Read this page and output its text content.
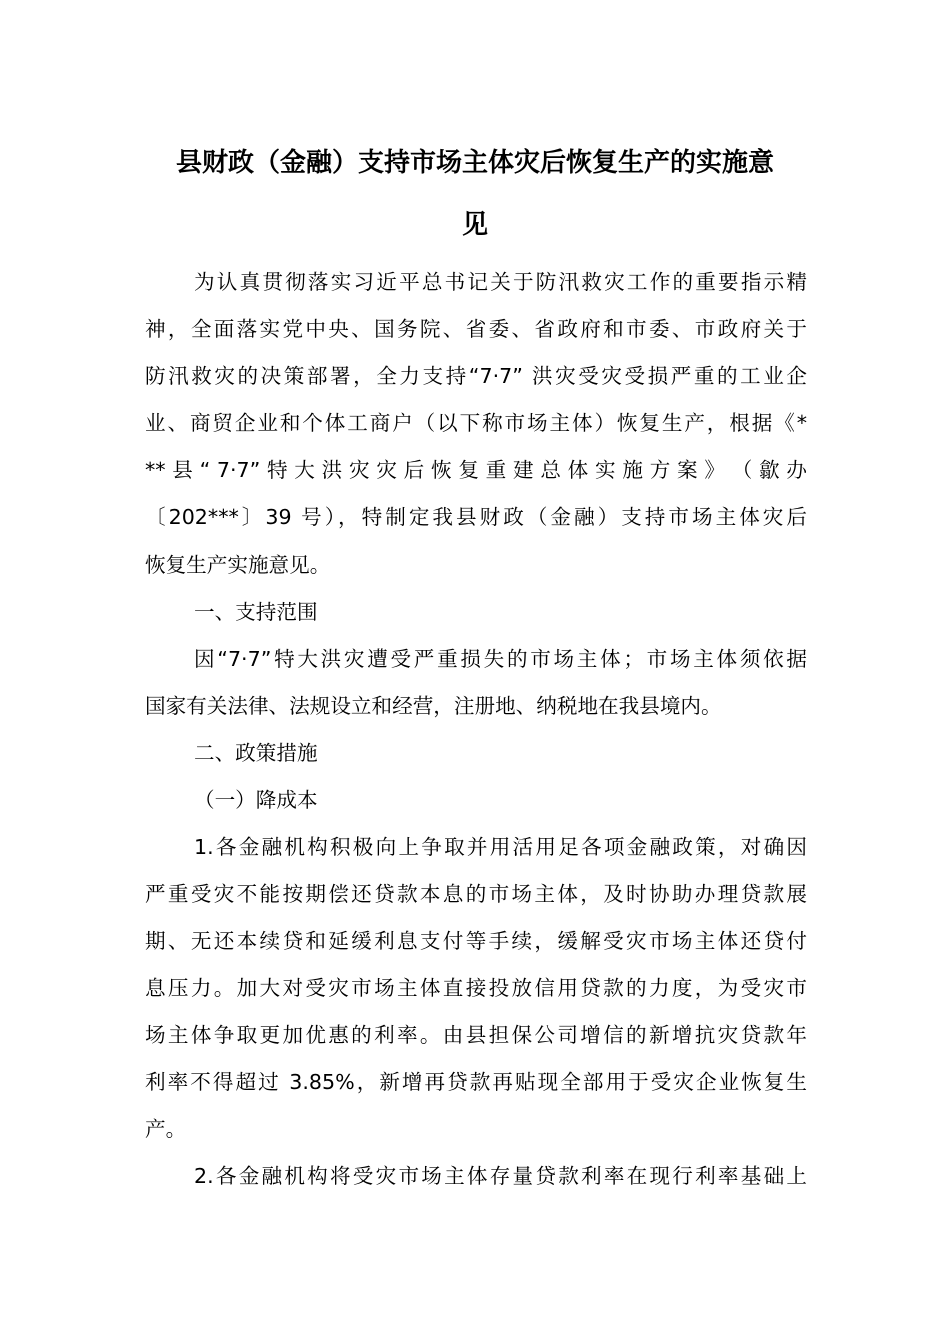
县财政（金融）支持市场主体灾后恢复生产的实施意
见
为认真贯彻落实习近平总书记关于防汛救灾工作的重要指示精
神，全面落实党中央、国务院、省委、省政府和市委、市政府关于
防汛救灾的决策部署，全力支持“7·7” 洪灾受灾受损严重的工业企
业、商贸企业和个体工商户（以下称市场主体）恢复生产，根据《*
** 县 “ 7·7” 特 大 洪 灾 灾 后 恢 复 重 建 总 体 实 施 方 案 》 （ 歙 办
〔202***〕39 号），特制定我县财政（金融）支持市场主体灾后
恢复生产实施意见。
一、支持范围
因“7·7”特大洪灾遭受严重损失的市场主体；市场主体须依据
国家有关法律、法规设立和经营，注册地、纳税地在我县境内。
二、政策措施
（一）降成本
1.各金融机构积极向上争取并用活用足各项金融政策，对确因
严重受灾不能按期偿还贷款本息的市场主体，及时协助办理贷款展
期、无还本续贷和延缓利息支付等手续，缓解受灾市场主体还贷付
息压力。加大对受灾市场主体直接投放信用贷款的力度，为受灾市
场主体争取更加优惠的利率。由县担保公司增信的新增抗灾贷款年
利率不得超过 3.85%，新增再贷款再贴现全部用于受灾企业恢复生
产。
2.各金融机构将受灾市场主体存量贷款利率在现行利率基础上
